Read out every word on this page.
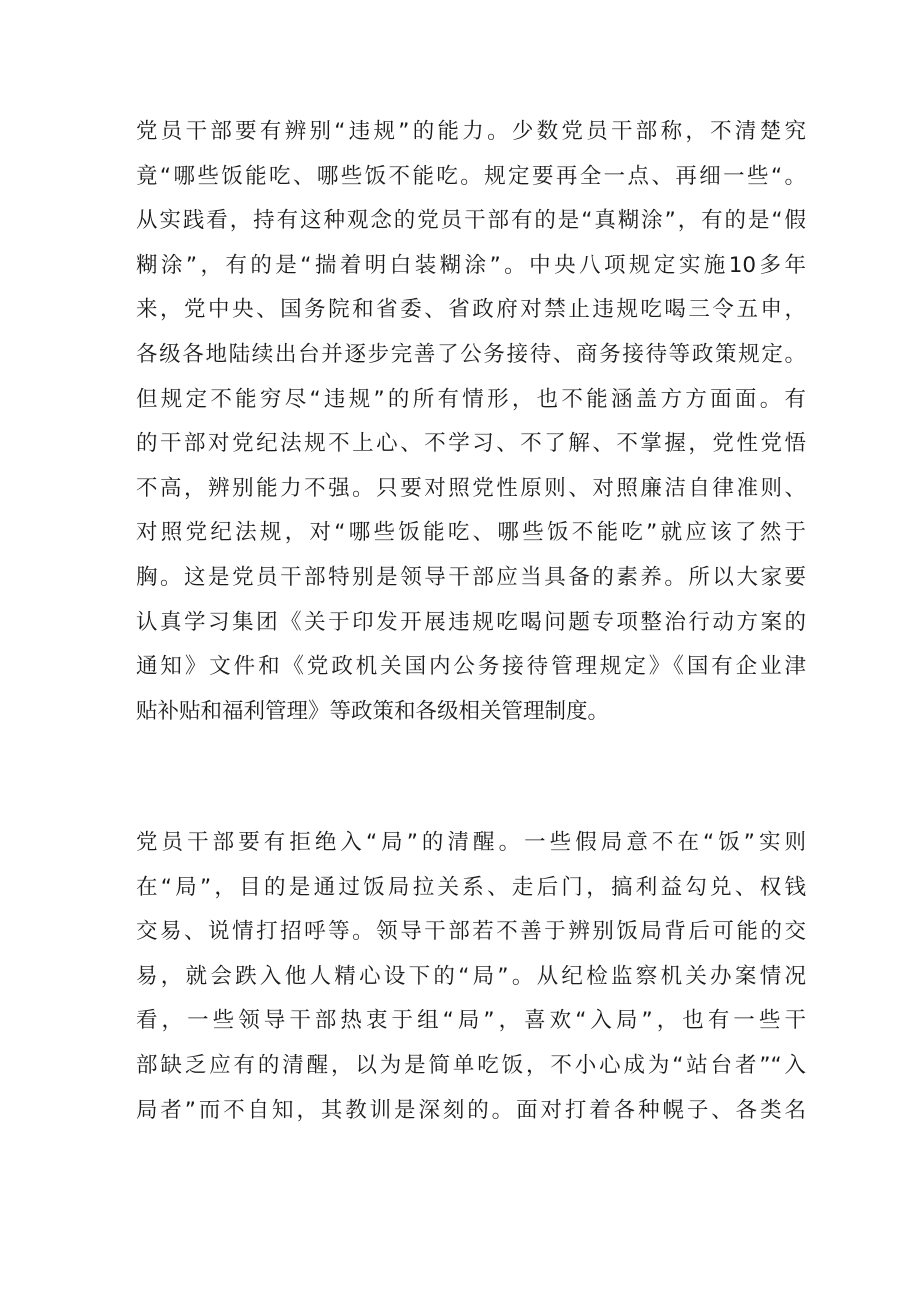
党员干部要有辨别“违规”的能力。少数党员干部称，不清楚究
竟“哪些饭能吃、哪些饭不能吃。规定要再全一点、再细一些“。
从实践看，持有这种观念的党员干部有的是“真糊涂”，有的是“假
糊涂”，有的是“揣着明白装糊涂”。中央八项规定实施10多年
来，党中央、国务院和省委、省政府对禁止违规吃喝三令五申，
各级各地陆续出台并逐步完善了公务接待、商务接待等政策规定。
但规定不能穷尽“违规”的所有情形，也不能涵盖方方面面。有
的干部对党纪法规不上心、不学习、不了解、不掌握，党性党悟
不高，辨别能力不强。只要对照党性原则、对照廉洁自律准则、
对照党纪法规，对“哪些饭能吃、哪些饭不能吃”就应该了然于
胸。这是党员干部特别是领导干部应当具备的素养。所以大家要
认真学习集团《关于印发开展违规吃喝问题专项整治行动方案的
通知》文件和《党政机关国内公务接待管理规定》《国有企业津
贴补贴和福利管理》等政策和各级相关管理制度。
党员干部要有拒绝入“局”的清醒。一些假局意不在“饭”实则
在“局”，目的是通过饭局拉关系、走后门，搞利益勾兑、权钱
交易、说情打招呼等。领导干部若不善于辨别饭局背后可能的交
易，就会跌入他人精心设下的“局”。从纪检监察机关办案情况
看，一些领导干部热衷于组“局”，喜欢“入局”，也有一些干
部缺乏应有的清醒，以为是简单吃饭，不小心成为“站台者”“入
局者”而不自知，其教训是深刻的。面对打着各种幌子、各类名
